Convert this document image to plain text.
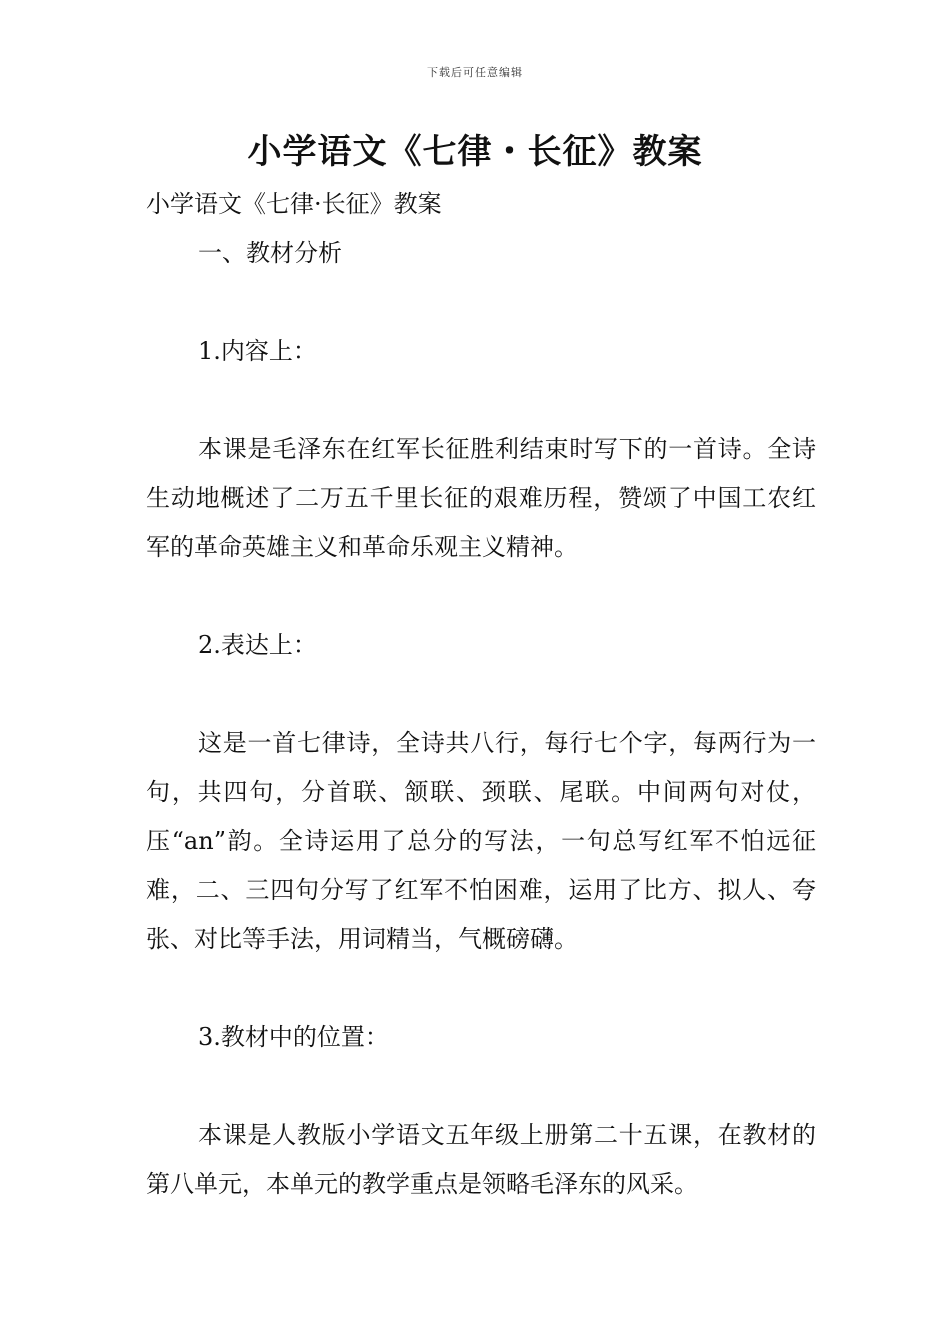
下载后可任意编辑
小学语文《七律・长征》教案

小学语文《七律·长征》教案

一、教材分析

1.内容上：

本课是毛泽东在红军长征胜利结束时写下的一首诗。全诗生动地概述了二万五千里长征的艰难历程，赞颂了中国工农红军的革命英雄主义和革命乐观主义精神。

2.表达上：

这是一首七律诗，全诗共八行，每行七个字，每两行为一句，共四句，分首联、颔联、颈联、尾联。中间两句对仗，压“an”韵。全诗运用了总分的写法，一句总写红军不怕远征难，二、三四句分写了红军不怕困难，运用了比方、拟人、夸张、对比等手法，用词精当，气概磅礴。

3.教材中的位置：

本课是人教版小学语文五年级上册第二十五课，在教材的第八单元，本单元的教学重点是领略毛泽东的风采。
